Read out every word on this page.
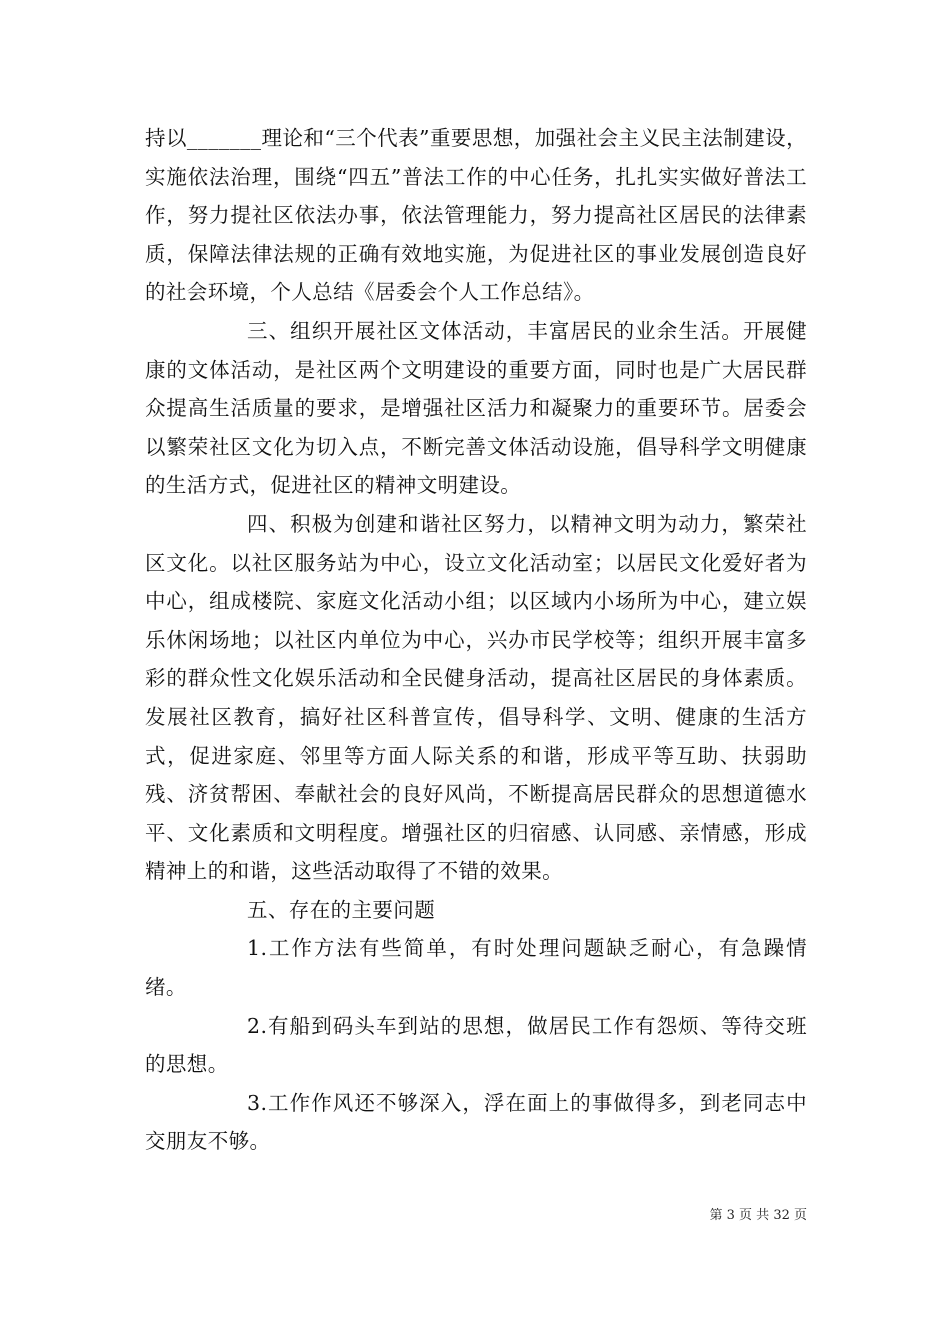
持以_______理论和“三个代表”重要思想，加强社会主义民主法制建设，实施依法治理，围绕“四五”普法工作的中心任务，扎扎实实做好普法工作，努力提社区依法办事，依法管理能力，努力提高社区居民的法律素质，保障法律法规的正确有效地实施，为促进社区的事业发展创造良好的社会环境，个人总结《居委会个人工作总结》。

三、组织开展社区文体活动，丰富居民的业余生活。开展健康的文体活动，是社区两个文明建设的重要方面，同时也是广大居民群众提高生活质量的要求，是增强社区活力和凝聚力的重要环节。居委会以繁荣社区文化为切入点，不断完善文体活动设施，倡导科学文明健康的生活方式，促进社区的精神文明建设。

四、积极为创建和谐社区努力，以精神文明为动力，繁荣社区文化。以社区服务站为中心，设立文化活动室；以居民文化爱好者为中心，组成楼院、家庭文化活动小组；以区域内小场所为中心，建立娱乐休闲场地；以社区内单位为中心，兴办市民学校等；组织开展丰富多彩的群众性文化娱乐活动和全民健身活动，提高社区居民的身体素质。发展社区教育，搞好社区科普宣传，倡导科学、文明、健康的生活方式，促进家庭、邻里等方面人际关系的和谐，形成平等互助、扶弱助残、济贫帮困、奉献社会的良好风尚，不断提高居民群众的思想道德水平、文化素质和文明程度。增强社区的归宿感、认同感、亲情感，形成精神上的和谐，这些活动取得了不错的效果。

五、存在的主要问题

1.工作方法有些简单，有时处理问题缺乏耐心，有急躁情绪。

2.有船到码头车到站的思想，做居民工作有怨烦、等待交班的思想。

3.工作作风还不够深入，浮在面上的事做得多，到老同志中交朋友不够。

第 3 页 共 32 页
